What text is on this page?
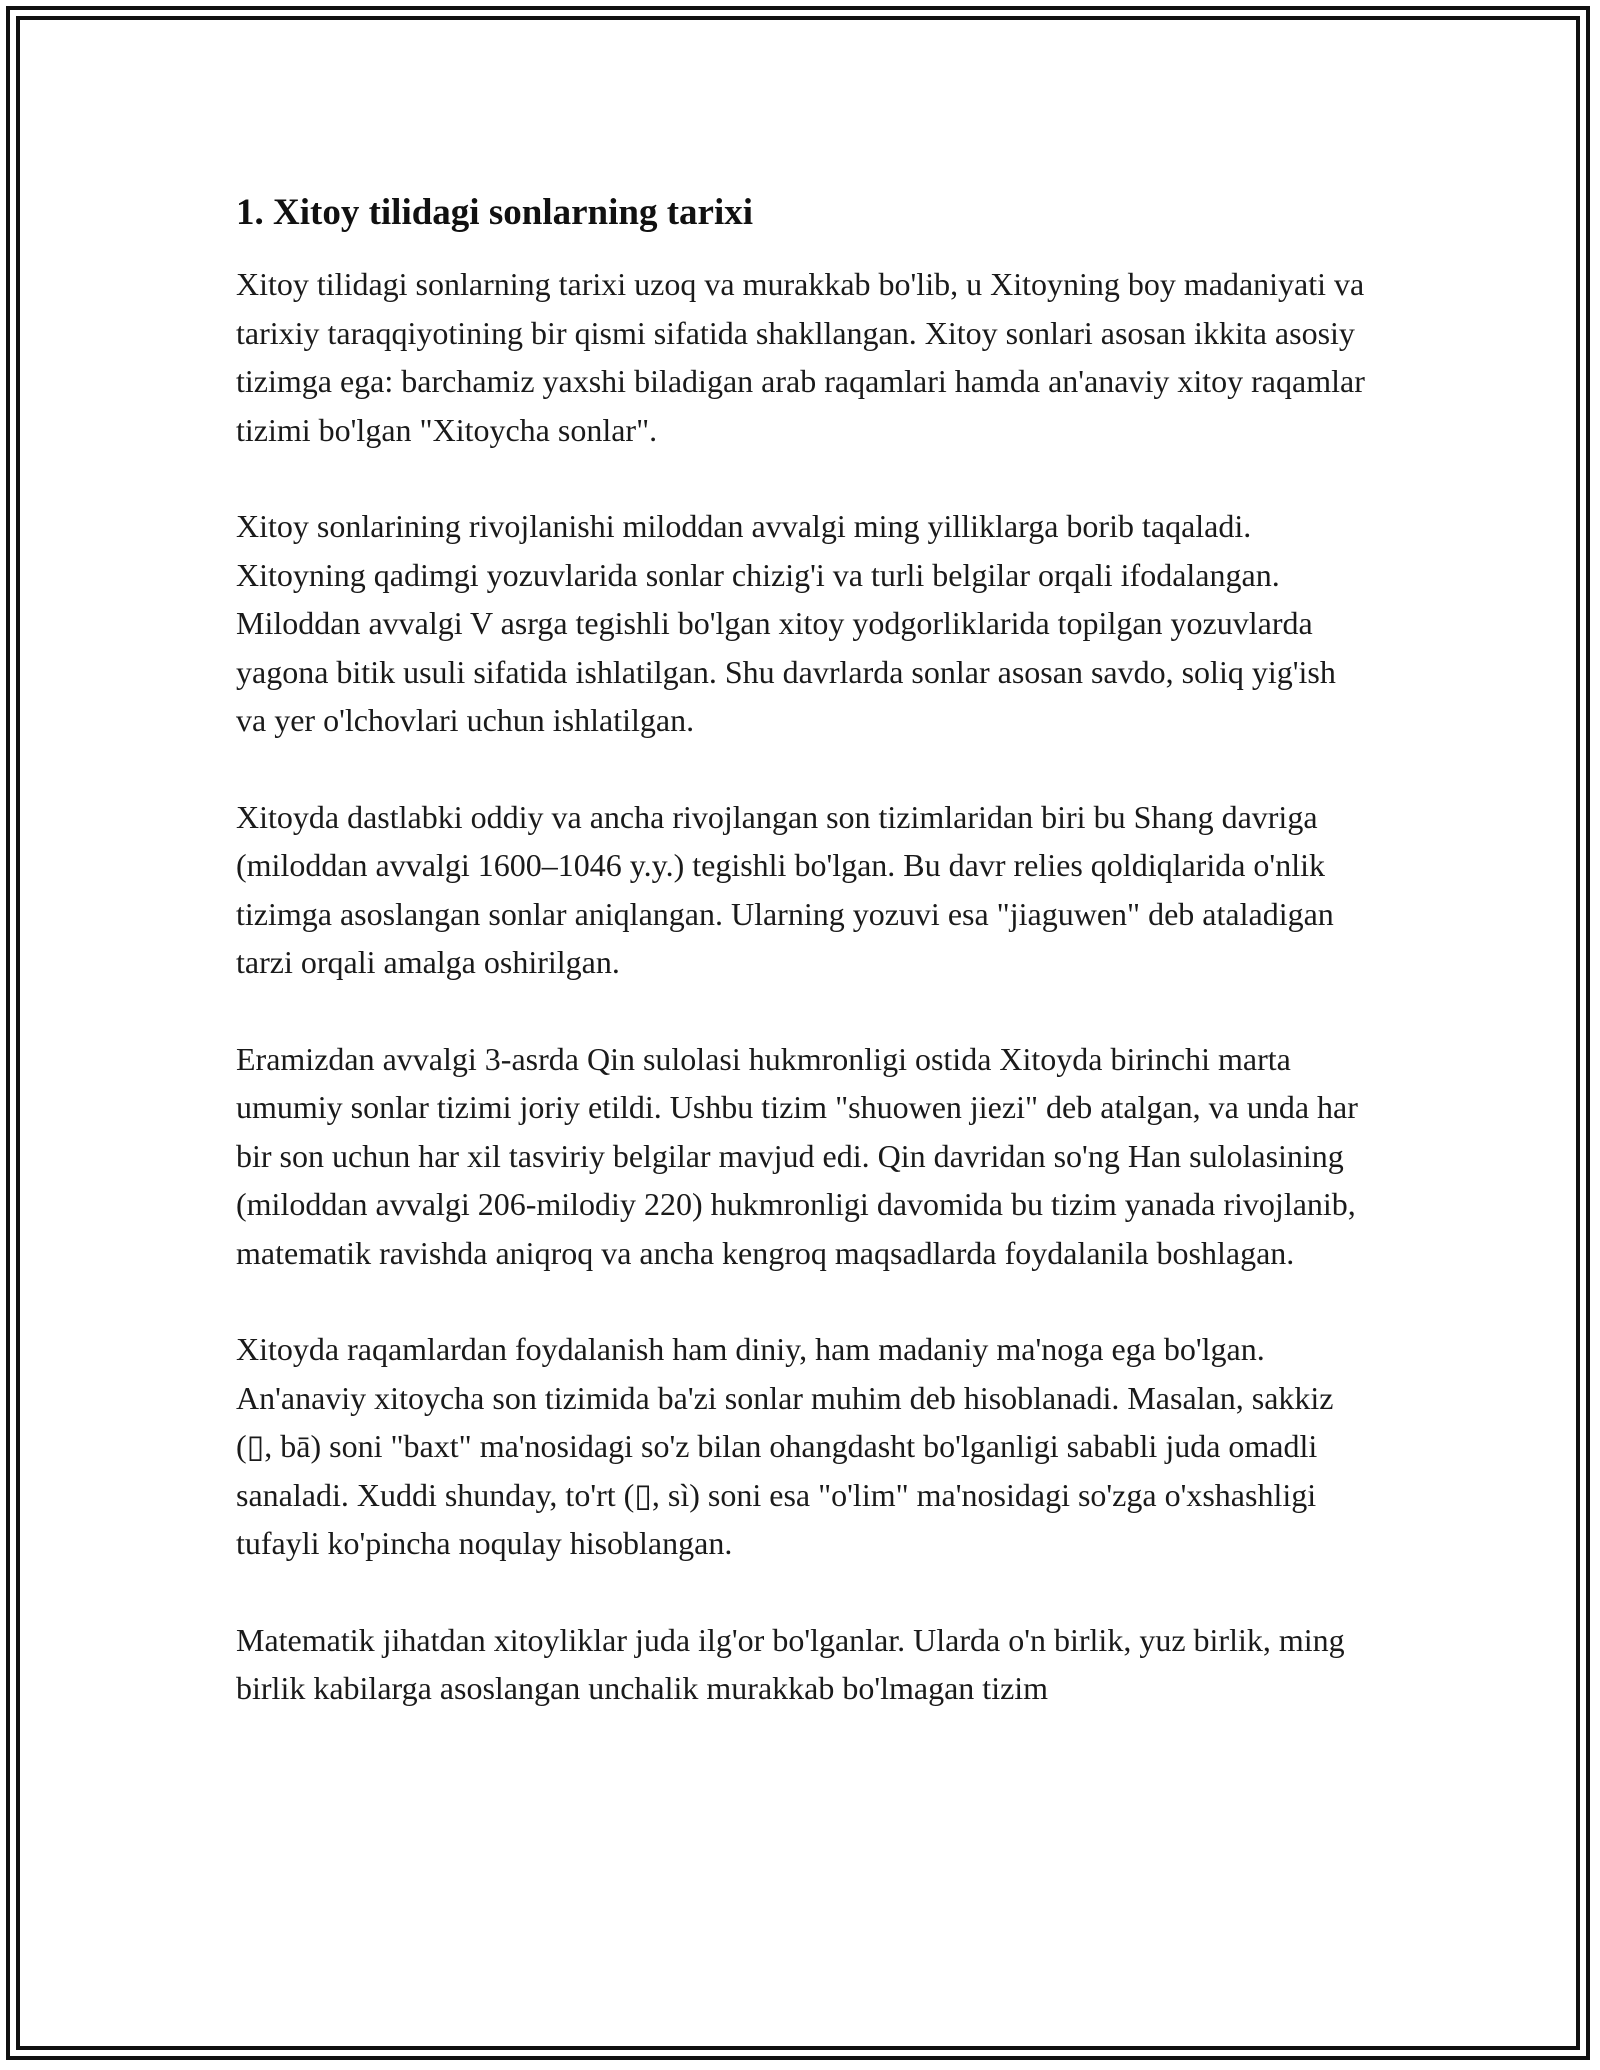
1. Xitoy tilidagi sonlarning tarixi

Xitoy tilidagi sonlarning tarixi uzoq va murakkab bo'lib, u Xitoyning boy madaniyati va tarixiy taraqqiyotining bir qismi sifatida shakllangan. Xitoy sonlari asosan ikkita asosiy tizimga ega: barchamiz yaxshi biladigan arab raqamlari hamda an'anaviy xitoy raqamlar tizimi bo'lgan "Xitoycha sonlar".

Xitoy sonlarining rivojlanishi miloddan avvalgi ming yilliklarga borib taqaladi. Xitoyning qadimgi yozuvlarida sonlar chizig'i va turli belgilar orqali ifodalangan. Miloddan avvalgi V asrga tegishli bo'lgan xitoy yodgorliklarida topilgan yozuvlarda yagona bitik usuli sifatida ishlatilgan. Shu davrlarda sonlar asosan savdo, soliq yig'ish va yer o'lchovlari uchun ishlatilgan.

Xitoyda dastlabki oddiy va ancha rivojlangan son tizimlaridan biri bu Shang davriga (miloddan avvalgi 1600–1046 y.y.) tegishli bo'lgan. Bu davr relies qoldiqlarida o'nlik tizimga asoslangan sonlar aniqlangan. Ularning yozuvi esa "jiaguwen" deb ataladigan tarzi orqali amalga oshirilgan.

Eramizdan avvalgi 3-asrda Qin sulolasi hukmronligi ostida Xitoyda birinchi marta umumiy sonlar tizimi joriy etildi. Ushbu tizim "shuowen jiezi" deb atalgan, va unda har bir son uchun har xil tasviriy belgilar mavjud edi. Qin davridan so'ng Han sulolasining (miloddan avvalgi 206-milodiy 220) hukmronligi davomida bu tizim yanada rivojlanib, matematik ravishda aniqroq va ancha kengroq maqsadlarda foydalanila boshlagan.

Xitoyda raqamlardan foydalanish ham diniy, ham madaniy ma'noga ega bo'lgan. An'anaviy xitoycha son tizimida ba'zi sonlar muhim deb hisoblanadi. Masalan, sakkiz (▯, bā) soni "baxt" ma'nosidagi so'z bilan ohangdasht bo'lganligi sababli juda omadli sanaladi. Xuddi shunday, to'rt (▯, sì) soni esa "o'lim" ma'nosidagi so'zga o'xshashligi tufayli ko'pincha noqulay hisoblangan.

Matematik jihatdan xitoyliklar juda ilg'or bo'lganlar. Ularda o'n birlik, yuz birlik, ming birlik kabilarga asoslangan unchalik murakkab bo'lmagan tizim
